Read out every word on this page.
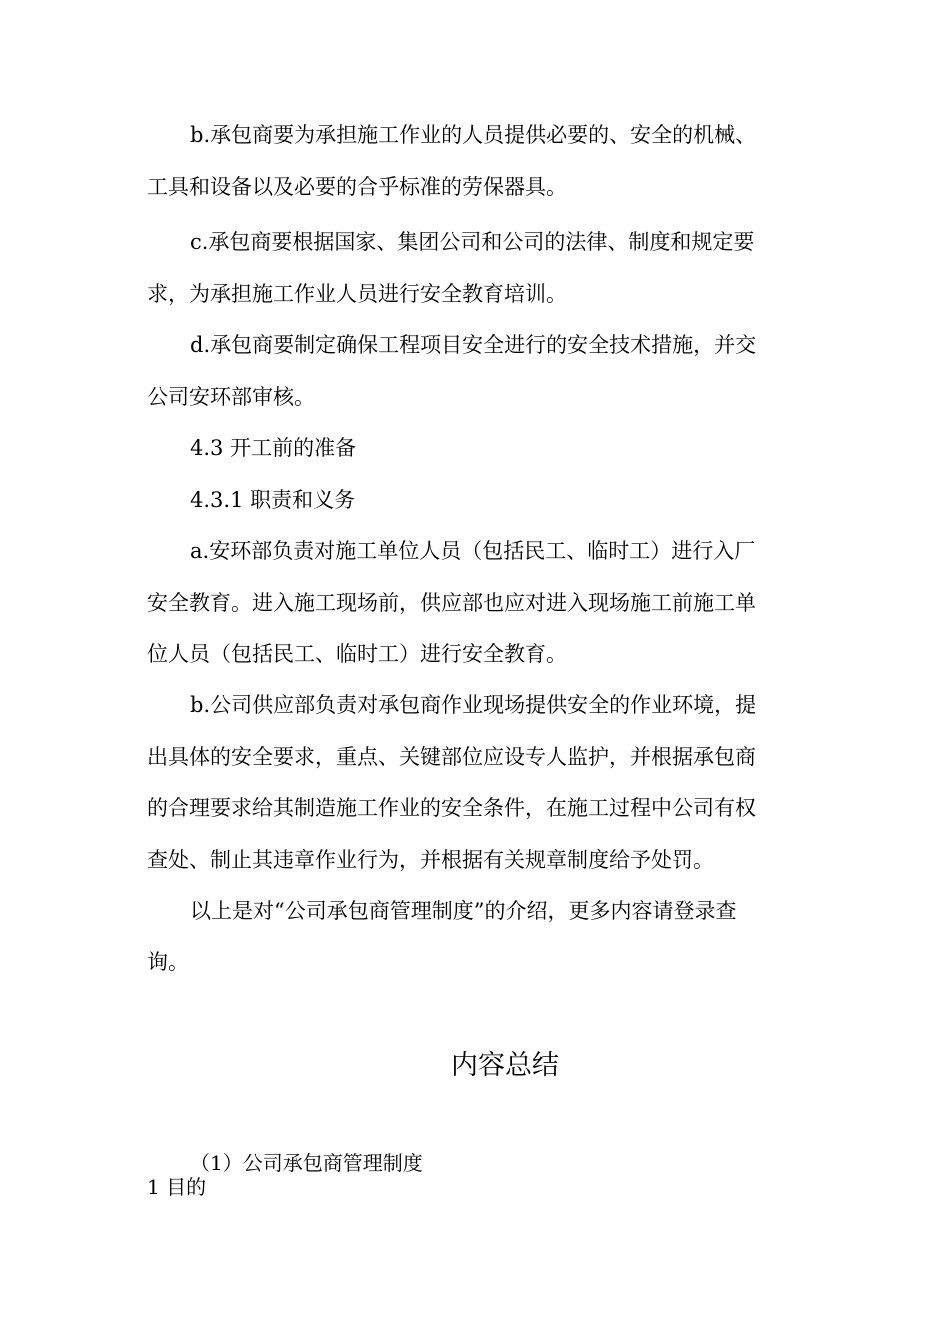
b.承包商要为承担施工作业的人员提供必要的、安全的机械、
工具和设备以及必要的合乎标准的劳保器具。
c.承包商要根据国家、集团公司和公司的法律、制度和规定要
求，为承担施工作业人员进行安全教育培训。
d.承包商要制定确保工程项目安全进行的安全技术措施，并交
公司安环部审核。
4.3 开工前的准备
4.3.1 职责和义务
a.安环部负责对施工单位人员（包括民工、临时工）进行入厂
安全教育。进入施工现场前，供应部也应对进入现场施工前施工单
位人员（包括民工、临时工）进行安全教育。
b.公司供应部负责对承包商作业现场提供安全的作业环境，提
出具体的安全要求，重点、关键部位应设专人监护，并根据承包商
的合理要求给其制造施工作业的安全条件，在施工过程中公司有权
查处、制止其违章作业行为，并根据有关规章制度给予处罚。
以上是对“公司承包商管理制度”的介绍，更多内容请登录查
询。
内容总结
（1）公司承包商管理制度
1 目的
